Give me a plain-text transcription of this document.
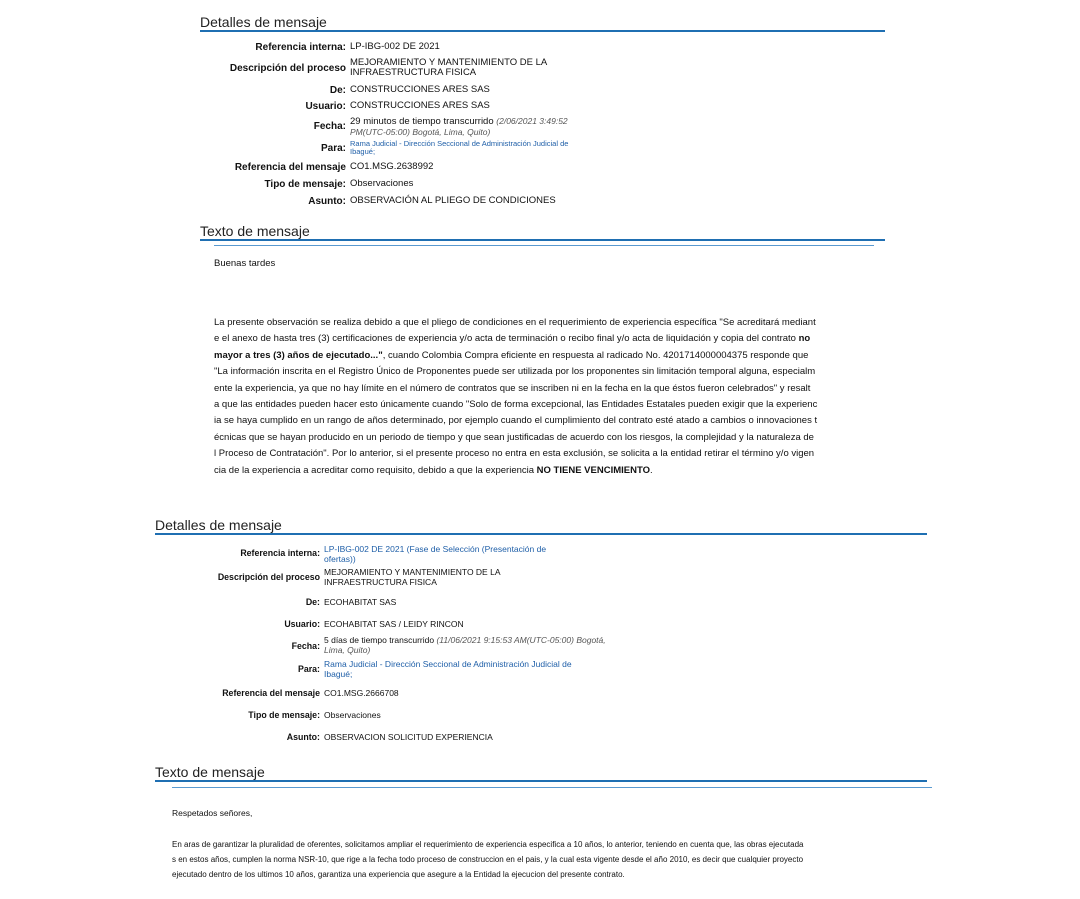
Detalles de mensaje
Referencia interna: LP-IBG-002 DE 2021
Descripción del proceso
MEJORAMIENTO Y MANTENIMIENTO DE LA
INFRAESTRUCTURA FISICA
De: CONSTRUCCIONES ARES SAS
Usuario: CONSTRUCCIONES ARES SAS
Fecha: 29 minutos de tiempo transcurrido (2/06/2021 3:49:52
PM(UTC-05:00) Bogotá, Lima, Quito)
Para: Rama Judicial - Dirección Seccional de Administración Judicial de
Ibagué;
Referencia del mensaje CO1.MSG.2638992
Tipo de mensaje: Observaciones
Asunto: OBSERVACIÓN AL PLIEGO DE CONDICIONES
Texto de mensaje
Buenas tardes
La presente observación se realiza debido a que el pliego de condiciones en el requerimiento de experiencia específica "Se acreditará mediant
e el anexo de hasta tres (3) certificaciones de experiencia y/o acta de terminación o recibo final y/o acta de liquidación y copia del contrato no
mayor a tres (3) años de ejecutado...", cuando Colombia Compra eficiente en respuesta al radicado No. 4201714000004375 responde que
"La información inscrita en el Registro Único de Proponentes puede ser utilizada por los proponentes sin limitación temporal alguna, especialm
ente la experiencia, ya que no hay límite en el número de contratos que se inscriben ni en la fecha en la que éstos fueron celebrados" y resalt
a que las entidades pueden hacer esto únicamente cuando "Solo de forma excepcional, las Entidades Estatales pueden exigir que la experienc
ia se haya cumplido en un rango de años determinado, por ejemplo cuando el cumplimiento del contrato esté atado a cambios o innovaciones t
écnicas que se hayan producido en un periodo de tiempo y que sean justificadas de acuerdo con los riesgos, la complejidad y la naturaleza de
l Proceso de Contratación". Por lo anterior, si el presente proceso no entra en esta exclusión, se solicita a la entidad retirar el término y/o vigen
cia de la experiencia a acreditar como requisito, debido a que la experiencia NO TIENE VENCIMIENTO.
Detalles de mensaje
Referencia interna: LP-IBG-002 DE 2021 (Fase de Selección (Presentación de
ofertas))
Descripción del proceso MEJORAMIENTO Y MANTENIMIENTO DE LA
INFRAESTRUCTURA FISICA
De: ECOHABITAT SAS
Usuario: ECOHABITAT SAS / LEIDY RINCON
Fecha:
5 días de tiempo transcurrido (11/06/2021 9:15:53 AM(UTC-05:00) Bogotá,
Lima, Quito)
Para: Rama Judicial - Dirección Seccional de Administración Judicial de
Ibagué;
Referencia del mensaje CO1.MSG.2666708
Tipo de mensaje: Observaciones
Asunto: OBSERVACION SOLICITUD EXPERIENCIA
Texto de mensaje
Respetados señores,
En aras de garantizar la pluralidad de oferentes, solicitamos ampliar el requerimiento de experiencia especifica a 10 años, lo anterior, teniendo en cuenta que, las obras ejecutada
s en estos años, cumplen la norma NSR-10, que rige a la fecha todo proceso de construccion en el pais, y la cual esta vigente desde el año 2010, es decir que cualquier proyecto
ejecutado dentro de los ultimos 10 años, garantiza una experiencia que asegure a la Entidad la ejecucion del presente contrato.
